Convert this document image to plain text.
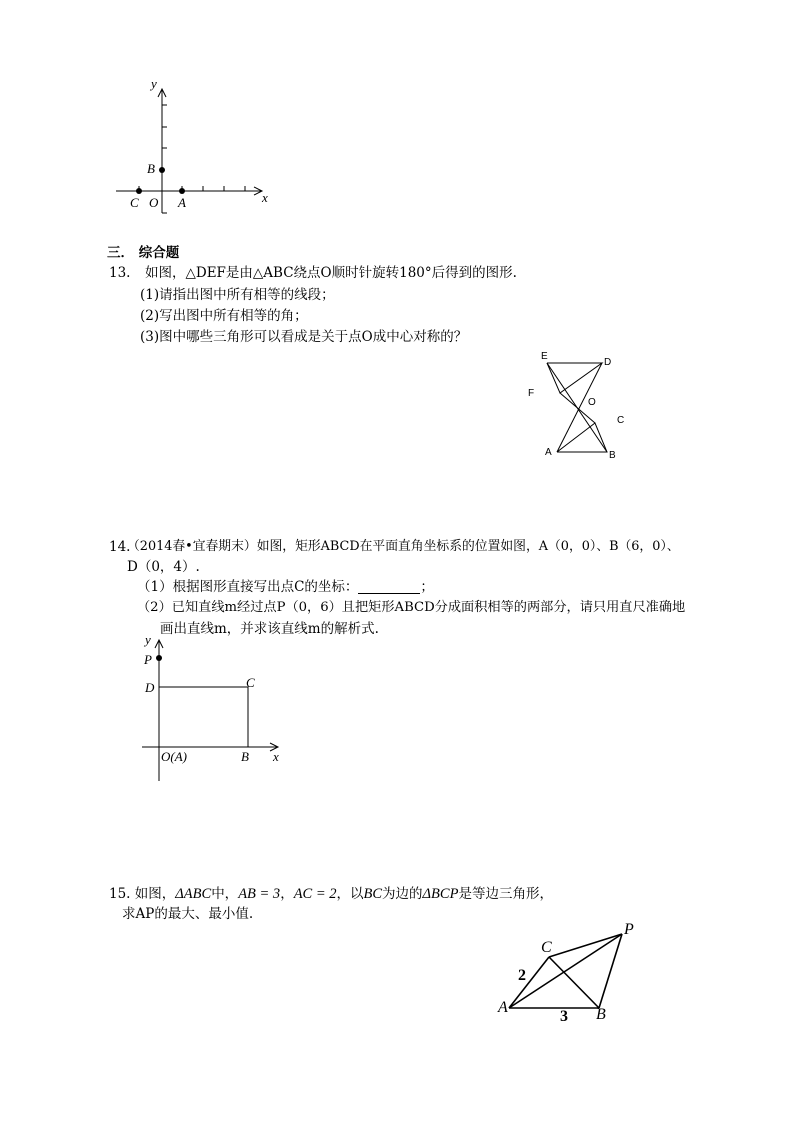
y
B
C O A	x
三． 综合题
13. 如图，△DEF是由△ABC绕点O顺时针旋转180°后得到的图形.
(1)请指出图中所有相等的线段；
(2)写出图中所有相等的角；
(3)图中哪些三角形可以看成是关于点O成中心对称的？
E
D
F
O
C
A	B
14.
（2014春•宜春期末）如图，矩形ABCD在平面直角坐标系的位置如图，A（0，0）、B（6，0）、
D（0，4）.
（1）根据图形直接写出点C的坐标：	；
（2）已知直线m经过点P（0，6）且把矩形ABCD分成面积相等的两部分，请只用直尺准确地
画出直线m，并求该直线m的解析式.
y
P
D	C
O(A)	B x
15. 如图，ΔABC中，AB = 3，AC = 2，以BC为边的ΔBCP是等边三角形，
求AP的最大、最小值.
C
P
2
A
3 B
